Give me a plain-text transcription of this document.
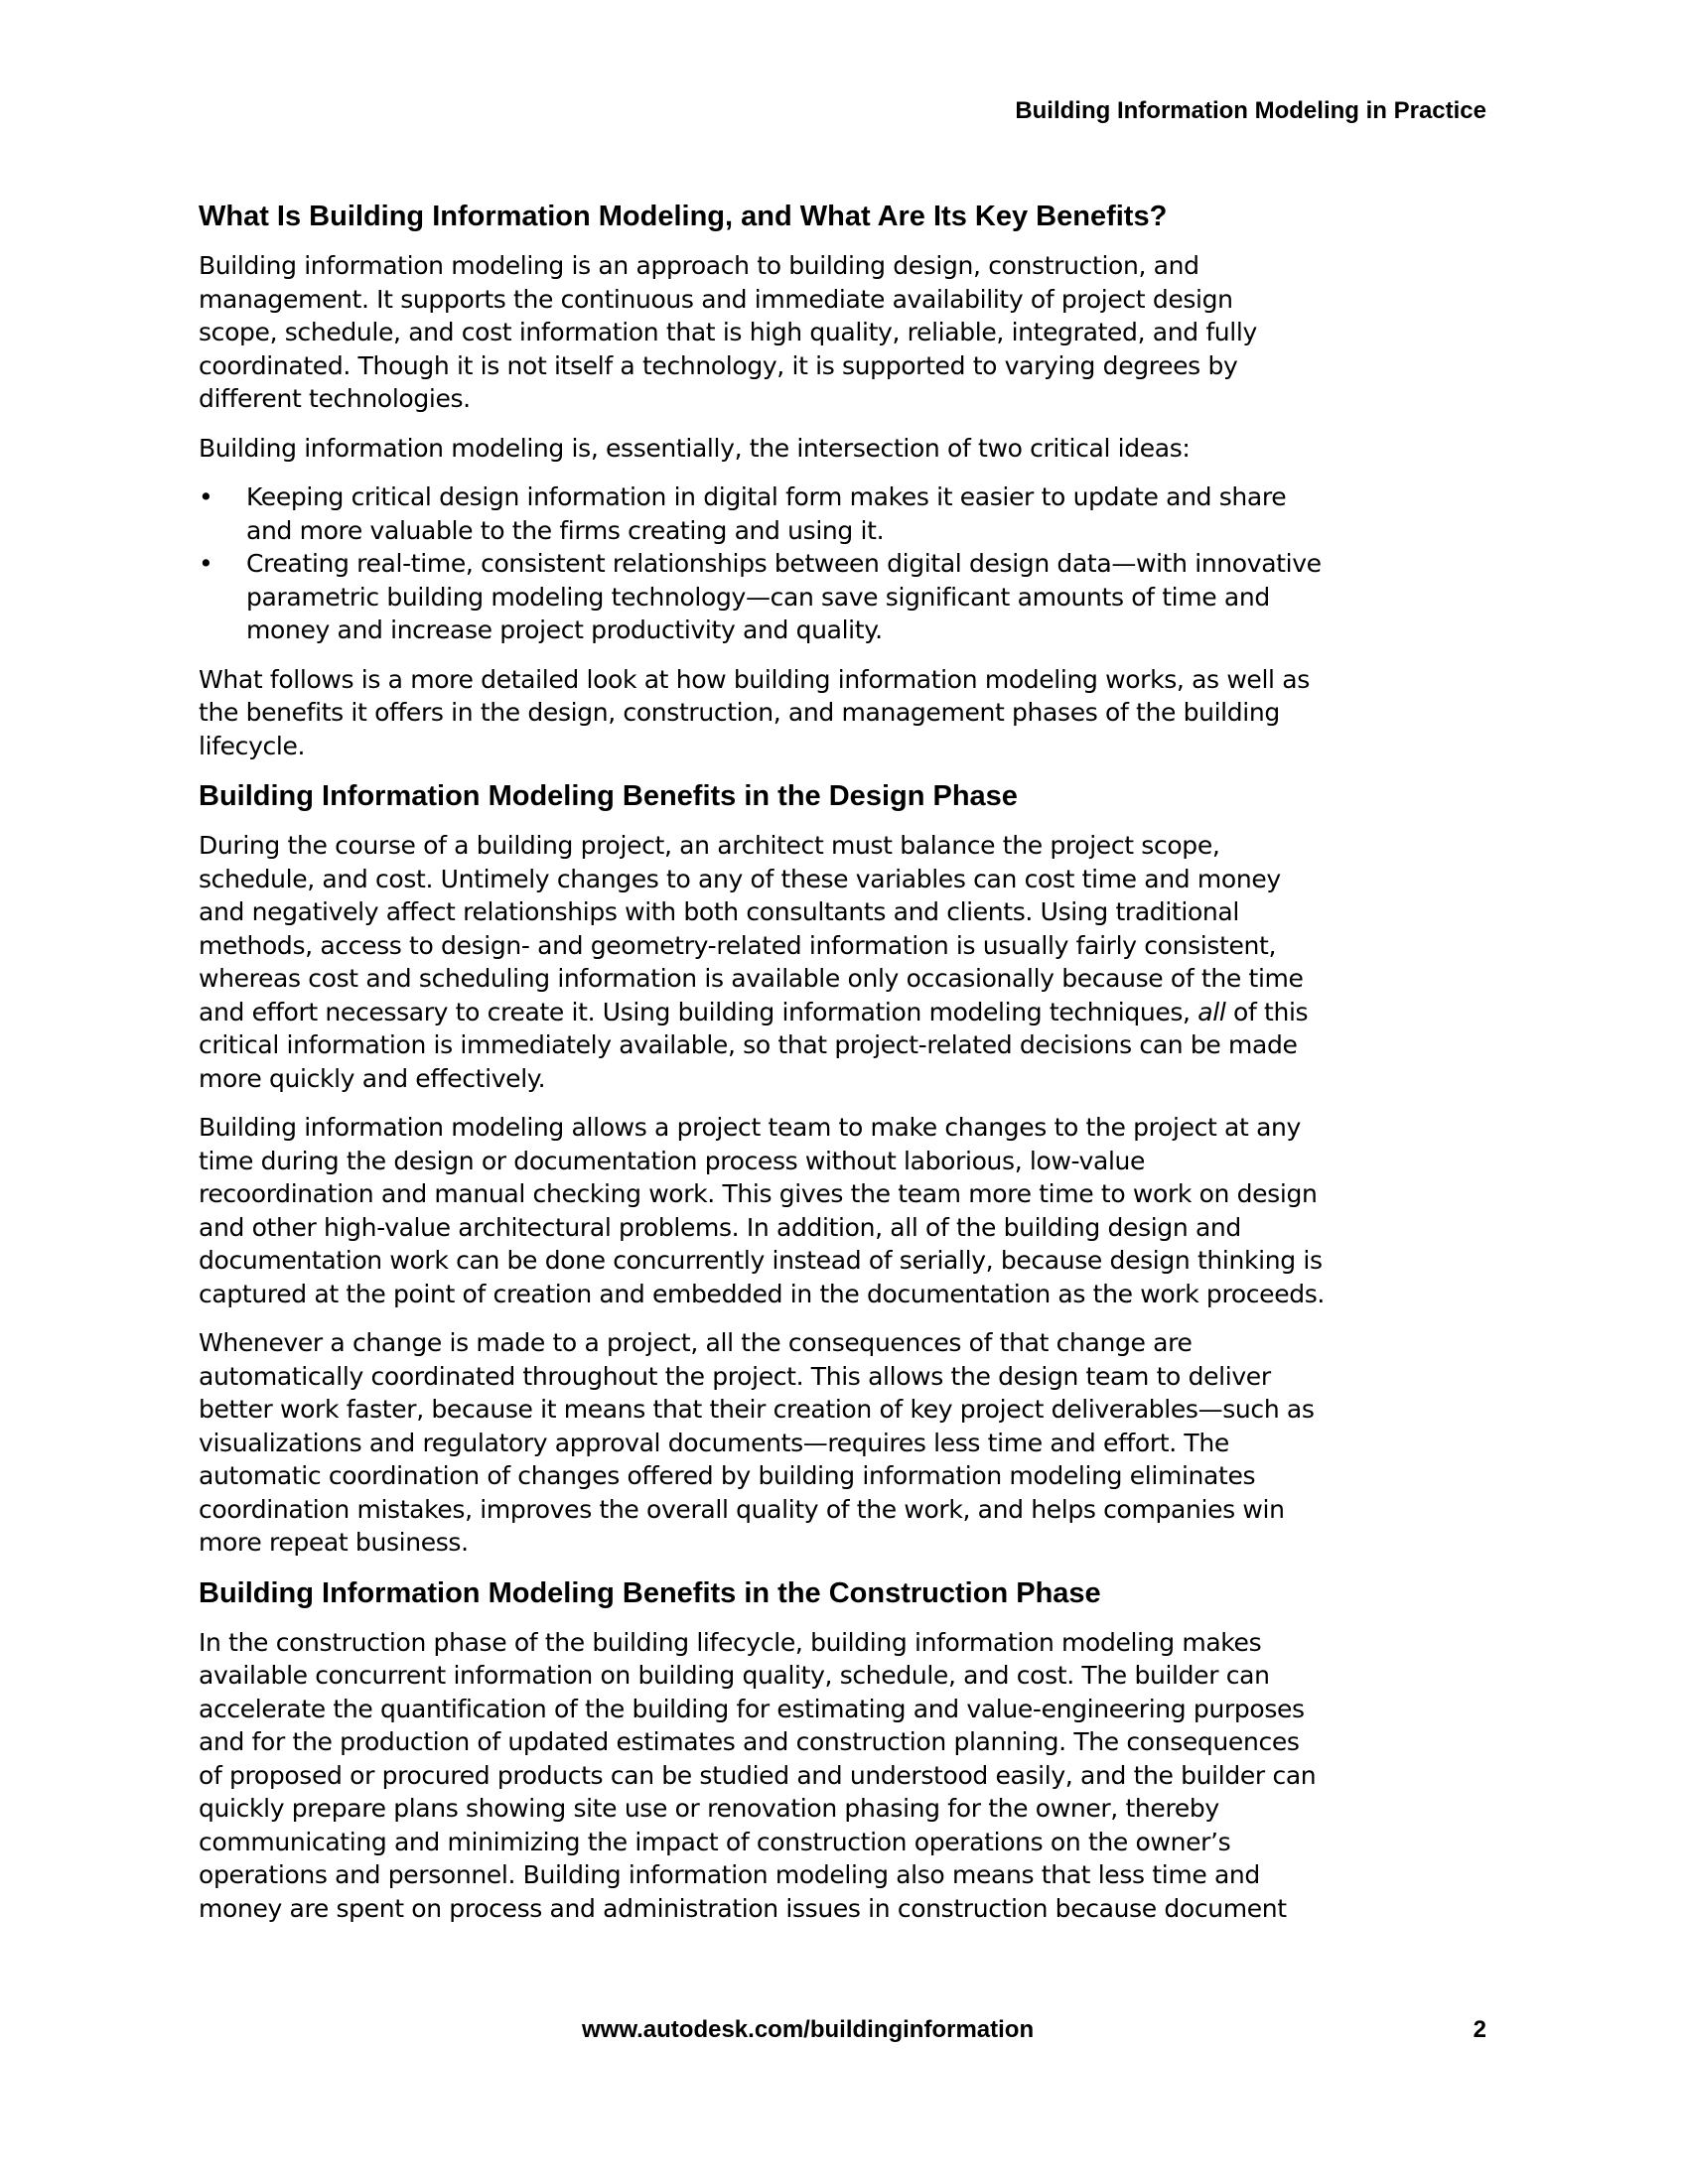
Building Information Modeling in Practice
What Is Building Information Modeling, and What Are Its Key Benefits?

Building information modeling is an approach to building design, construction, and
management. It supports the continuous and immediate availability of project design
scope, schedule, and cost information that is high quality, reliable, integrated, and fully
coordinated. Though it is not itself a technology, it is supported to varying degrees by
different technologies.

Building information modeling is, essentially, the intersection of two critical ideas:

•	Keeping critical design information in digital form makes it easier to update and share
and more valuable to the firms creating and using it.
•	Creating real-time, consistent relationships between digital design data—with innovative
parametric building modeling technology—can save significant amounts of time and
money and increase project productivity and quality.

What follows is a more detailed look at how building information modeling works, as well as
the benefits it offers in the design, construction, and management phases of the building
lifecycle.

Building Information Modeling Benefits in the Design Phase

During the course of a building project, an architect must balance the project scope,
schedule, and cost. Untimely changes to any of these variables can cost time and money
and negatively affect relationships with both consultants and clients. Using traditional
methods, access to design- and geometry-related information is usually fairly consistent,
whereas cost and scheduling information is available only occasionally because of the time
and effort necessary to create it. Using building information modeling techniques, all of this
critical information is immediately available, so that project-related decisions can be made
more quickly and effectively.

Building information modeling allows a project team to make changes to the project at any
time during the design or documentation process without laborious, low-value
recoordination and manual checking work. This gives the team more time to work on design
and other high-value architectural problems. In addition, all of the building design and
documentation work can be done concurrently instead of serially, because design thinking is
captured at the point of creation and embedded in the documentation as the work proceeds.

Whenever a change is made to a project, all the consequences of that change are
automatically coordinated throughout the project. This allows the design team to deliver
better work faster, because it means that their creation of key project deliverables—such as
visualizations and regulatory approval documents—requires less time and effort. The
automatic coordination of changes offered by building information modeling eliminates
coordination mistakes, improves the overall quality of the work, and helps companies win
more repeat business.

Building Information Modeling Benefits in the Construction Phase

In the construction phase of the building lifecycle, building information modeling makes
available concurrent information on building quality, schedule, and cost. The builder can
accelerate the quantification of the building for estimating and value-engineering purposes
and for the production of updated estimates and construction planning. The consequences
of proposed or procured products can be studied and understood easily, and the builder can
quickly prepare plans showing site use or renovation phasing for the owner, thereby
communicating and minimizing the impact of construction operations on the owner’s
operations and personnel. Building information modeling also means that less time and
money are spent on process and administration issues in construction because document

www.autodesk.com/buildinginformation	2
